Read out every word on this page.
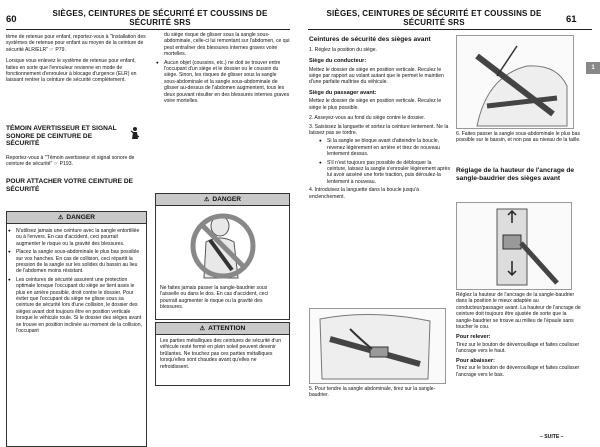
60
SIÈGES, CEINTURES DE SÉCURITÉ ET COUSSINS DE SÉCURITÉ SRS
tème de retenue pour enfant, reportez-vous à "Installation des systèmes de retenue pour enfant au moyen de la ceinture de sécurité ALR/ELR" ☞ P79.
Lorsque vous enlevez le système de retenue pour enfant, faites en sorte que l'enrouleur revienne en mode de fonctionnement d'enrouleur à blocage d'urgence (ELR) en laissant rentrer la ceinture de sécurité complètement.
TÉMOIN AVERTISSEUR ET SIGNAL SONORE DE CEINTURE DE SÉCURITÉ
Reportez-vous à "Témoin avertisseur et signal sonore de ceinture de sécurité" ☞ P193.
POUR ATTACHER VOTRE CEINTURE DE SÉCURITÉ
⚠ DANGER
● N'utilisez jamais une ceinture avec la sangle entortillée ou à l'envers. En cas d'accident, ceci pourrait augmenter le risque ou la gravité des blessures.
● Placez la sangle sous-abdominale le plus bas possible sur vos hanches. En cas de collision, ceci répartit la pression de la sangle sur les solides du bassin au lieu de l'abdomen moins résistant.
● Les ceintures de sécurité assurent une protection optimale lorsque l'occupant du siège se tient assis le plus en arrière possible, droit contre le dossier. Pour éviter que l'occupant du siège ne glisse sous sa ceinture de sécurité lors d'une collision, le dossier des sièges avant doit toujours être en position verticale lorsque le véhicule roule. Si le dossier des sièges avant se trouve en position inclinée au moment de la collision, l'occupant
du siège risque de glisser sous la sangle sous-abdominale, celle-ci lui remontant sur l'abdomen, ce qui peut entraîner des blessures internes graves voire mortelles.
● Aucun objet (coussins, etc.) ne doit se trouver entre l'occupant d'un siège et le dossier ou le coussin du siège. Sinon, les risques de glisser sous la sangle sous-abdominale et la sangle sous-abdominale de glisser au-dessus de l'abdomen augmentent, tous les deux pouvant résulter en des blessures internes graves voire mortelles.
⚠ DANGER
Ne faites jamais passer la sangle-baudrier sous l'aisselle ou dans le dos. En cas d'accident, ceci pourrait augmenter le risque ou la gravité des blessures.
⚠ ATTENTION
Les parties métalliques des ceintures de sécurité d'un véhicule resté fermé en plein soleil peuvent devenir brûlantes. Ne touchez pas ces parties métalliques lorsqu'elles sont chaudes avant qu'elles ne refroidissent.
SIÈGES, CEINTURES DE SÉCURITÉ ET COUSSINS DE SÉCURITÉ SRS	61
Ceintures de sécurité des sièges avant
1. Réglez la position du siège.
Siège du conducteur:
Mettez le dossier de siège en position verticale. Reculez le siège par rapport au volant autant que le permet le maintien d'une parfaite maîtrise du véhicule.
Siège du passager avant:
Mettez le dossier de siège en position verticale. Reculez le siège le plus possible.
2. Asseyez-vous au fond du siège contre le dossier.
3. Saisissez la languette et sortez la ceinture lentement. Ne la laissez pas se tordre.
● Si la sangle se bloque avant d'atteindre la boucle, revenez légèrement en arrière et tirez de nouveau lentement dessus.
● S'il n'est toujours pas possible de débloquer la ceinture, laissez la sangle s'enrouler légèrement après lui avoir asséné une forte traction, puis déroulez-la lentement à nouveau.
4. Introduisez la languette dans la boucle jusqu'à enclenchement.
5. Pour tendre la sangle abdominale, tirez sur la sangle-baudrier.
6. Faites passer la sangle sous-abdominale le plus bas possible sur le bassin, et non pas au niveau de la taille.
Réglage de la hauteur de l'ancrage de sangle-baudrier des sièges avant
Réglez la hauteur de l'ancrage de la sangle-baudrier dans la position le mieux adaptée au conducteur/passager avant. La hauteur de l'ancrage de ceinture doit toujours être ajustée de sorte que la sangle-baudrier se trouve au milieu de l'épaule sans toucher le cou.
Pour relever:
Tirez sur le bouton de déverrouillage et faites coulisser l'ancrage vers le haut.
Pour abaisser:
Tirez sur le bouton de déverrouillage et faites coulisser l'ancrage vers le bas.
– SUITE –
1
